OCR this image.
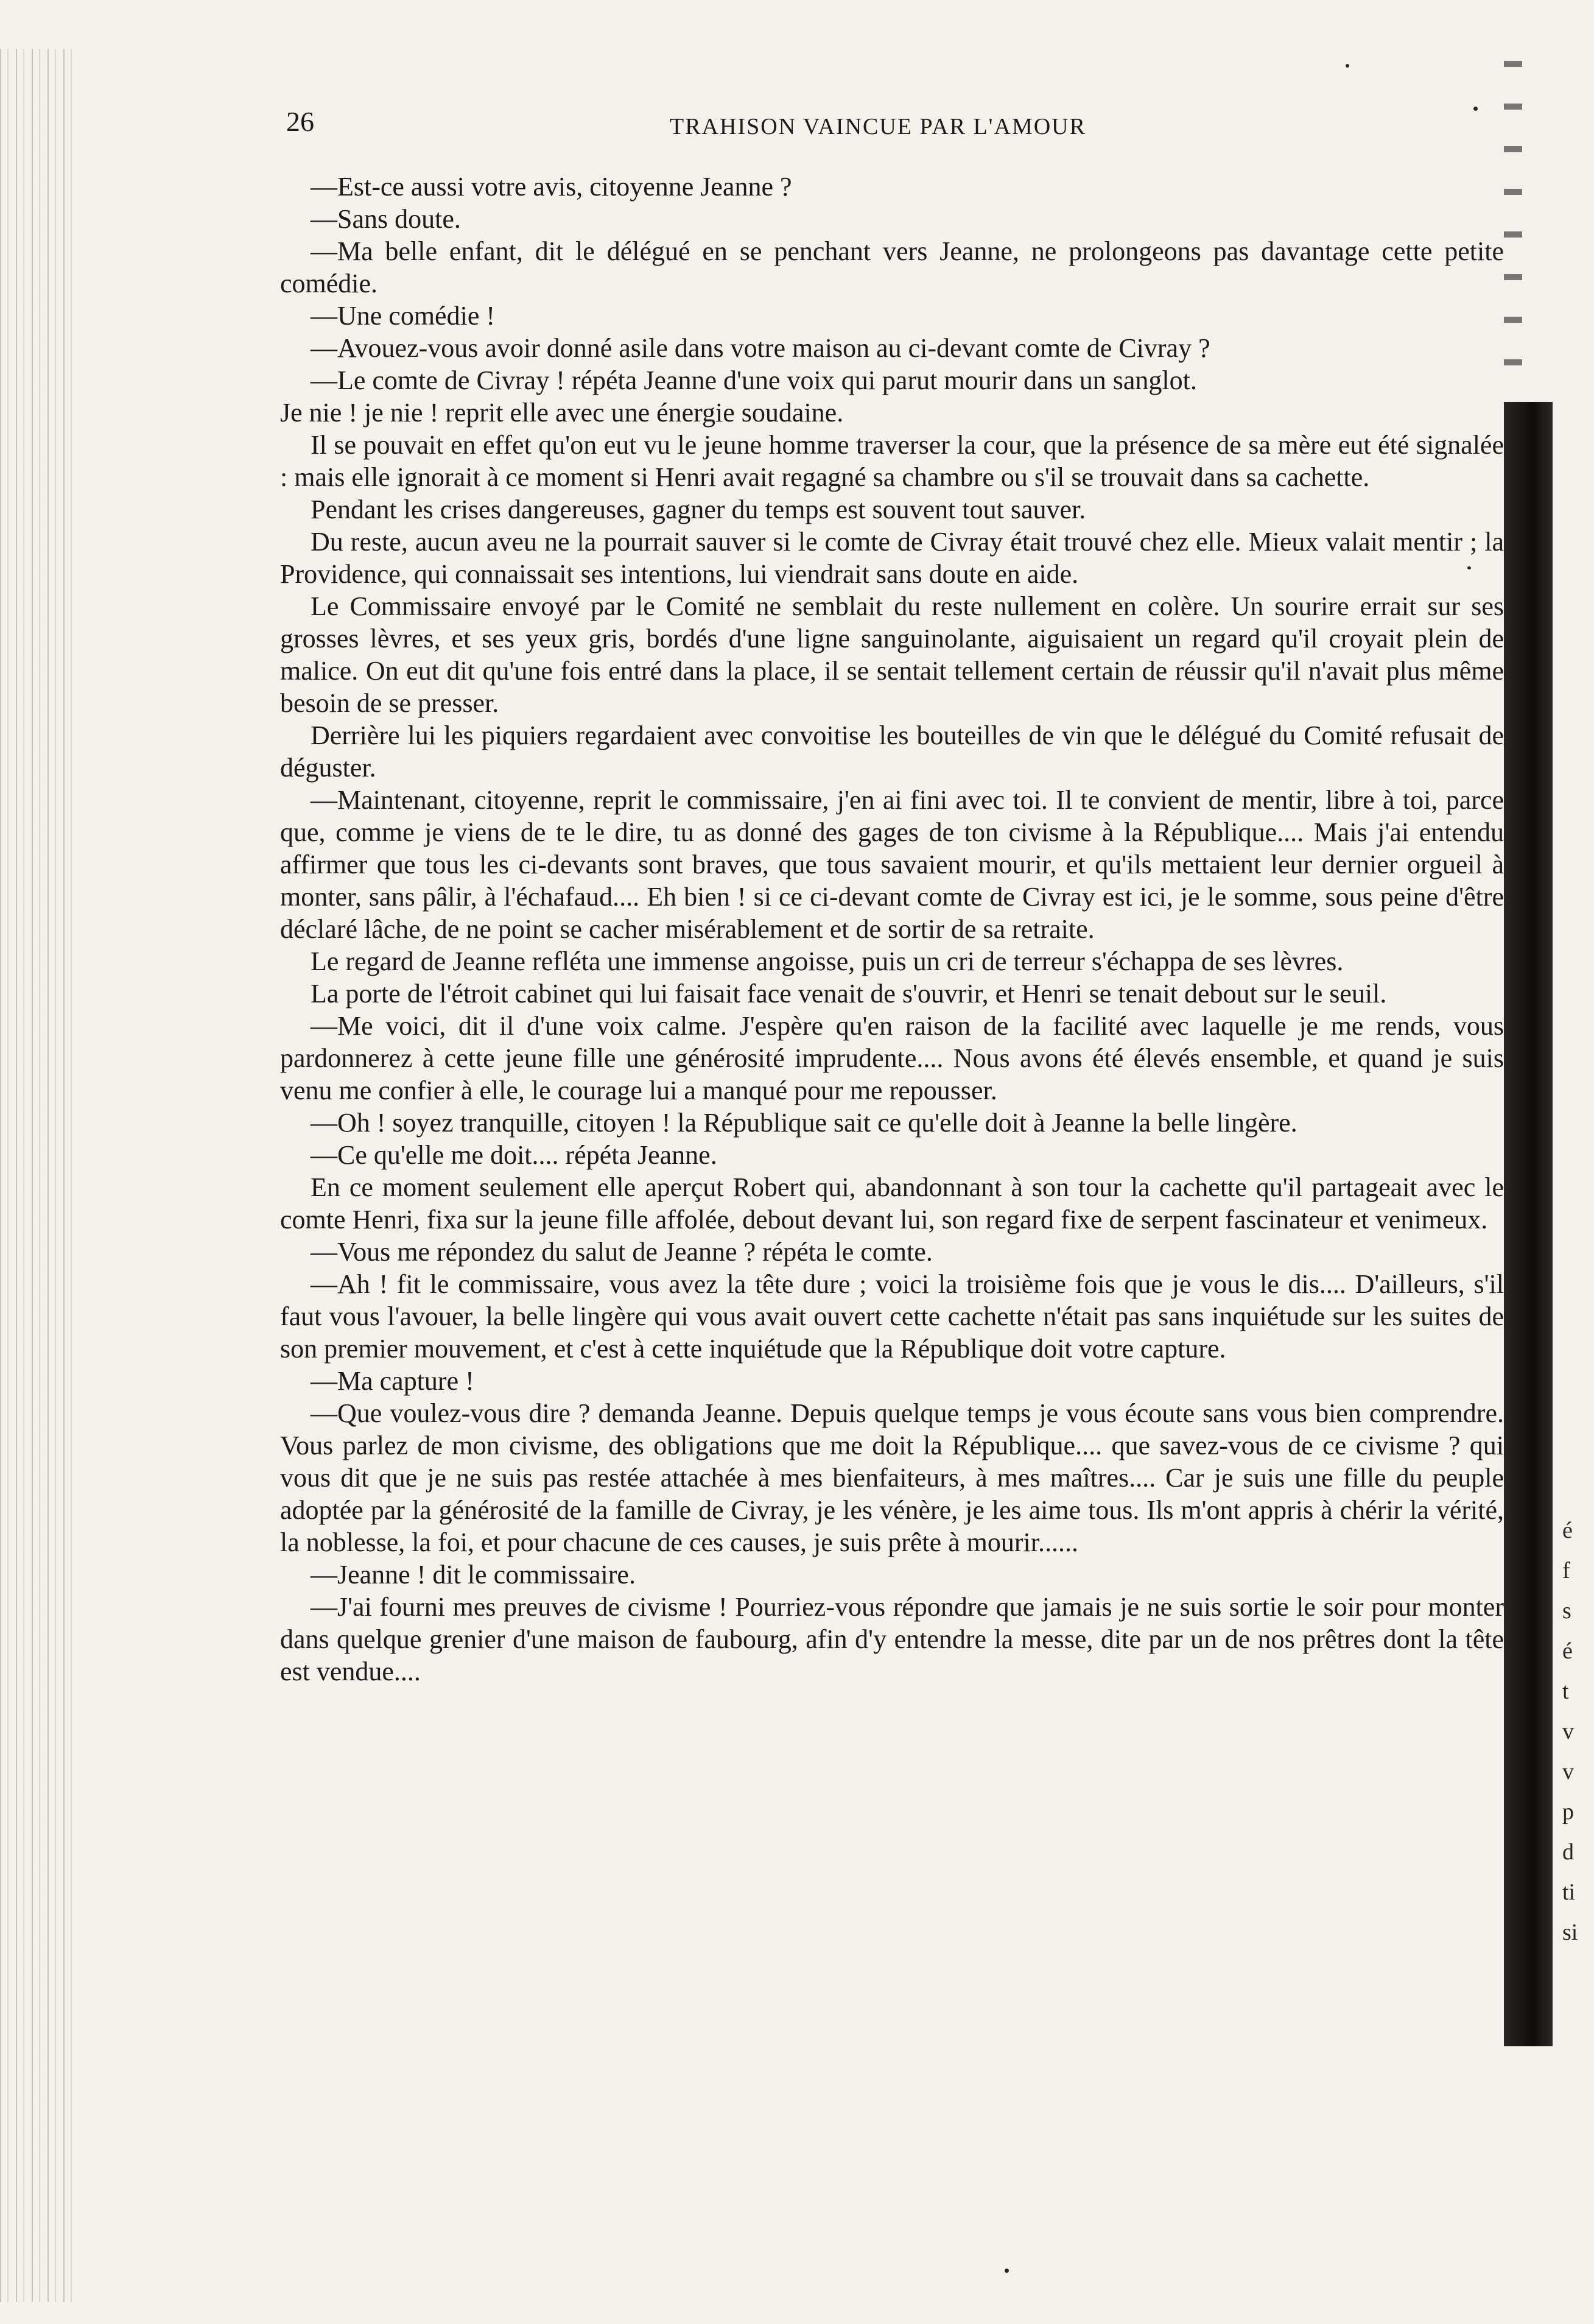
é
f
s
é
t
v
v
p
d
ti
si
26	TRAHISON VAINCUE PAR L'AMOUR

—Est-ce aussi votre avis, citoyenne Jeanne ?

—Sans doute.

—Ma belle enfant, dit le délégué en se penchant vers Jeanne, ne prolongeons pas davantage cette petite comédie.

—Une comédie !

—Avouez-vous avoir donné asile dans votre maison au ci-devant comte de Civray ?

—Le comte de Civray ! répéta Jeanne d'une voix qui parut mourir dans un sanglot.

Je nie ! je nie ! reprit elle avec une énergie soudaine.

Il se pouvait en effet qu'on eut vu le jeune homme traverser la cour, que la présence de sa mère eut été signalée : mais elle ignorait à ce moment si Henri avait regagné sa chambre ou s'il se trouvait dans sa cachette.

Pendant les crises dangereuses, gagner du temps est souvent tout sauver.

Du reste, aucun aveu ne la pourrait sauver si le comte de Civray était trouvé chez elle. Mieux valait mentir ; la Providence, qui connaissait ses intentions, lui viendrait sans doute en aide.

Le Commissaire envoyé par le Comité ne semblait du reste nullement en colère. Un sourire errait sur ses grosses lèvres, et ses yeux gris, bordés d'une ligne sanguinolante, aiguisaient un regard qu'il croyait plein de malice. On eut dit qu'une fois entré dans la place, il se sentait tellement certain de réussir qu'il n'avait plus même besoin de se presser.

Derrière lui les piquiers regardaient avec convoitise les bouteilles de vin que le délégué du Comité refusait de déguster.

—Maintenant, citoyenne, reprit le commissaire, j'en ai fini avec toi. Il te convient de mentir, libre à toi, parce que, comme je viens de te le dire, tu as donné des gages de ton civisme à la République.... Mais j'ai entendu affirmer que tous les ci-devants sont braves, que tous savaient mourir, et qu'ils mettaient leur dernier orgueil à monter, sans pâlir, à l'échafaud.... Eh bien ! si ce ci-devant comte de Civray est ici, je le somme, sous peine d'être déclaré lâche, de ne point se cacher misérablement et de sortir de sa retraite.

Le regard de Jeanne refléta une immense angoisse, puis un cri de terreur s'échappa de ses lèvres.

La porte de l'étroit cabinet qui lui faisait face venait de s'ouvrir, et Henri se tenait debout sur le seuil.

—Me voici, dit il d'une voix calme. J'espère qu'en raison de la facilité avec laquelle je me rends, vous pardonnerez à cette jeune fille une générosité imprudente.... Nous avons été élevés ensemble, et quand je suis venu me confier à elle, le courage lui a manqué pour me repousser.

—Oh ! soyez tranquille, citoyen ! la République sait ce qu'elle doit à Jeanne la belle lingère.

—Ce qu'elle me doit.... répéta Jeanne.

En ce moment seulement elle aperçut Robert qui, abandonnant à son tour la cachette qu'il partageait avec le comte Henri, fixa sur la jeune fille affolée, debout devant lui, son regard fixe de serpent fascinateur et venimeux.

—Vous me répondez du salut de Jeanne ? répéta le comte.

—Ah ! fit le commissaire, vous avez la tête dure ; voici la troisième fois que je vous le dis.... D'ailleurs, s'il faut vous l'avouer, la belle lingère qui vous avait ouvert cette cachette n'était pas sans inquiétude sur les suites de son premier mouvement, et c'est à cette inquiétude que la République doit votre capture.

—Ma capture !

—Que voulez-vous dire ? demanda Jeanne. Depuis quelque temps je vous écoute sans vous bien comprendre. Vous parlez de mon civisme, des obligations que me doit la République.... que savez-vous de ce civisme ? qui vous dit que je ne suis pas restée attachée à mes bienfaiteurs, à mes maîtres.... Car je suis une fille du peuple adoptée par la générosité de la famille de Civray, je les vénère, je les aime tous. Ils m'ont appris à chérir la vérité, la noblesse, la foi, et pour chacune de ces causes, je suis prête à mourir......

—Jeanne ! dit le commissaire.

—J'ai fourni mes preuves de civisme ! Pourriez-vous répondre que jamais je ne suis sortie le soir pour monter dans quelque grenier d'une maison de faubourg, afin d'y entendre la messe, dite par un de nos prêtres dont la tête est vendue....
